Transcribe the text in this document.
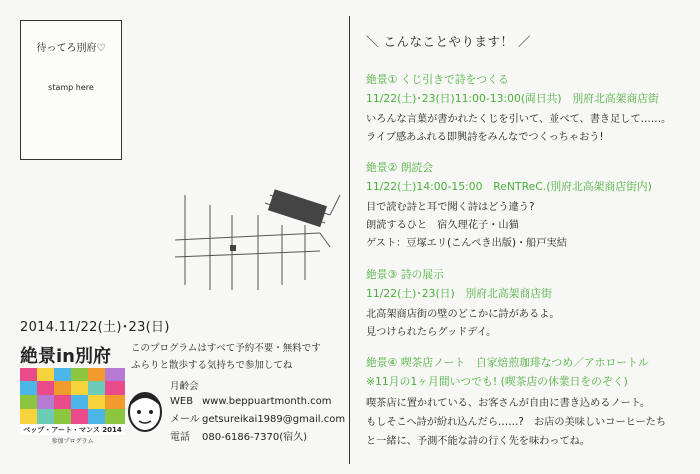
待ってろ別府♡
stamp here
2014.11/22(土)･23(日)
絶景in別府 このプログラムはすべて予約不要・無料です
ふらりと散歩する気持ちで参加してね
ベップ・アート・マンス 2014
参加プログラム
月齢会
WEB www.beppuartmonth.com
メール getsureikai1989@gmail.com
電話 080-6186-7370(宿久)
＼ こんなことやります！ ／
絶景① くじ引きで詩をつくる
11/22(土)･23(日)11:00-13:00(両日共)　別府北高架商店街
いろんな言葉が書かれたくじを引いて、並べて、書き足して……。
ライブ感あふれる即興詩をみんなでつくっちゃおう!
絶景② 朗読会
11/22(土)14:00-15:00　ReNTReC.(別府北高架商店街内)
目で読む詩と耳で聞く詩はどう違う?
朗読するひと　宿久理花子・山猫
ゲスト：豆塚エリ(こんぺき出版)・船戸実結
絶景③ 詩の展示
11/22(土)･23(日)　別府北高架商店街
北高架商店街の壁のどこかに詩があるよ。
見つけられたらグッドデイ。
絶景④ 喫茶店ノート　自家焙煎珈琲なつめ／アホロートル
※11月の1ヶ月間いつでも! (喫茶店の休業日をのぞく)
喫茶店に置かれている、お客さんが自由に書き込めるノート。
もしそこへ詩が紛れ込んだら……?　お店の美味しいコーヒーたち
と一緒に、予測不能な詩の行く先を味わってね。
